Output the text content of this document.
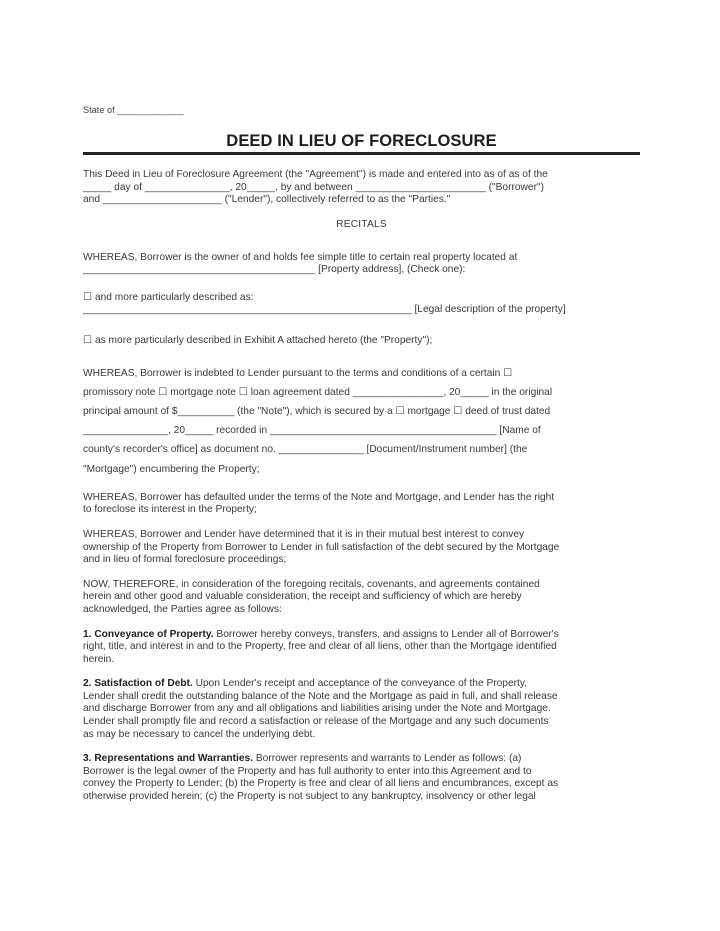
State of _____________
DEED IN LIEU OF FORECLOSURE

This Deed in Lieu of Foreclosure Agreement (the "Agreement") is made and entered into as of as of the
_____ day of _______________, 20_____, by and between _______________________ ("Borrower")
and _____________________ ("Lender"), collectively referred to as the "Parties."

RECITALS

WHEREAS, Borrower is the owner of and holds fee simple title to certain real property located at
_________________________________________ [Property address], (Check one):

☐ and more particularly described as:
__________________________________________________________ [Legal description of the property]

☐ as more particularly described in Exhibit A attached hereto (the "Property");

WHEREAS, Borrower is indebted to Lender pursuant to the terms and conditions of a certain ☐
promissory note ☐ mortgage note ☐ loan agreement dated ________________, 20_____ in the original
principal amount of $__________ (the "Note"), which is secured by a ☐ mortgage ☐ deed of trust dated
_______________, 20_____ recorded in ________________________________________ [Name of
county's recorder's office] as document no. _______________ [Document/Instrument number] (the
"Mortgage") encumbering the Property;

WHEREAS, Borrower has defaulted under the terms of the Note and Mortgage, and Lender has the right
to foreclose its interest in the Property;

WHEREAS, Borrower and Lender have determined that it is in their mutual best interest to convey
ownership of the Property from Borrower to Lender in full satisfaction of the debt secured by the Mortgage
and in lieu of formal foreclosure proceedings;

NOW, THEREFORE, in consideration of the foregoing recitals, covenants, and agreements contained
herein and other good and valuable consideration, the receipt and sufficiency of which are hereby
acknowledged, the Parties agree as follows:

1. Conveyance of Property. Borrower hereby conveys, transfers, and assigns to Lender all of Borrower's
right, title, and interest in and to the Property, free and clear of all liens, other than the Mortgage identified
herein.
2. Satisfaction of Debt. Upon Lender's receipt and acceptance of the conveyance of the Property,
Lender shall credit the outstanding balance of the Note and the Mortgage as paid in full, and shall release
and discharge Borrower from any and all obligations and liabilities arising under the Note and Mortgage.
Lender shall promptly file and record a satisfaction or release of the Mortgage and any such documents
as may be necessary to cancel the underlying debt.
3. Representations and Warranties. Borrower represents and warrants to Lender as follows: (a)
Borrower is the legal owner of the Property and has full authority to enter into this Agreement and to
convey the Property to Lender; (b) the Property is free and clear of all liens and encumbrances, except as
otherwise provided herein; (c) the Property is not subject to any bankruptcy, insolvency or other legal
